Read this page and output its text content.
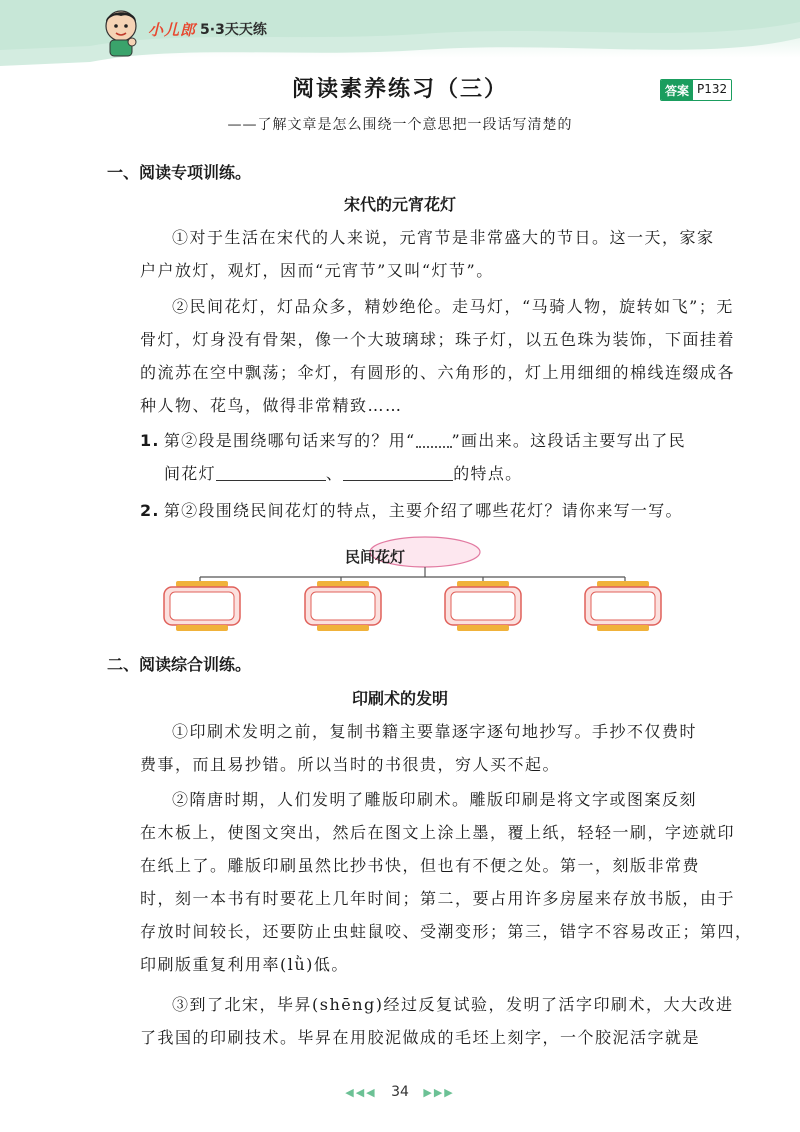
小儿郎 5·3天天练
阅读素养练习（三）	答案 P132
——了解文章是怎么围绕一个意思把一段话写清楚的
一、阅读专项训练。
宋代的元宵花灯
①对于生活在宋代的人来说，元宵节是非常盛大的节日。这一天，家家
户户放灯，观灯，因而“元宵节”又叫“灯节”。
②民间花灯，灯品众多，精妙绝伦。走马灯，“马骑人物，旋转如飞”；无
骨灯，灯身没有骨架，像一个大玻璃球；珠子灯，以五色珠为装饰，下面挂着
的流苏在空中飘荡；伞灯，有圆形的、六角形的，灯上用细细的棉线连缀成各
种人物、花鸟，做得非常精致……
1. 第②段是围绕哪句话来写的？用“ ”画出来。这段话主要写出了民
间花灯	、	的特点。
2. 第②段围绕民间花灯的特点，主要介绍了哪些花灯？请你来写一写。
民间花灯
二、阅读综合训练。
印刷术的发明
①印刷术发明之前，复制书籍主要靠逐字逐句地抄写。手抄不仅费时
费事，而且易抄错。所以当时的书很贵，穷人买不起。
②隋唐时期，人们发明了雕版印刷术。雕版印刷是将文字或图案反刻
在木板上，使图文突出，然后在图文上涂上墨，覆上纸，轻轻一刷，字迹就印
在纸上了。雕版印刷虽然比抄书快，但也有不便之处。第一，刻版非常费
时，刻一本书有时要花上几年时间；第二，要占用许多房屋来存放书版，由于
存放时间较长，还要防止虫蛀鼠咬、受潮变形；第三，错字不容易改正；第四，
印刷版重复利用率(lǜ)低。
③到了北宋，毕昇(shēng)经过反复试验，发明了活字印刷术，大大改进
了我国的印刷技术。毕昇在用胶泥做成的毛坯上刻字，一个胶泥活字就是
◀◀◀ 34 ▶▶▶
